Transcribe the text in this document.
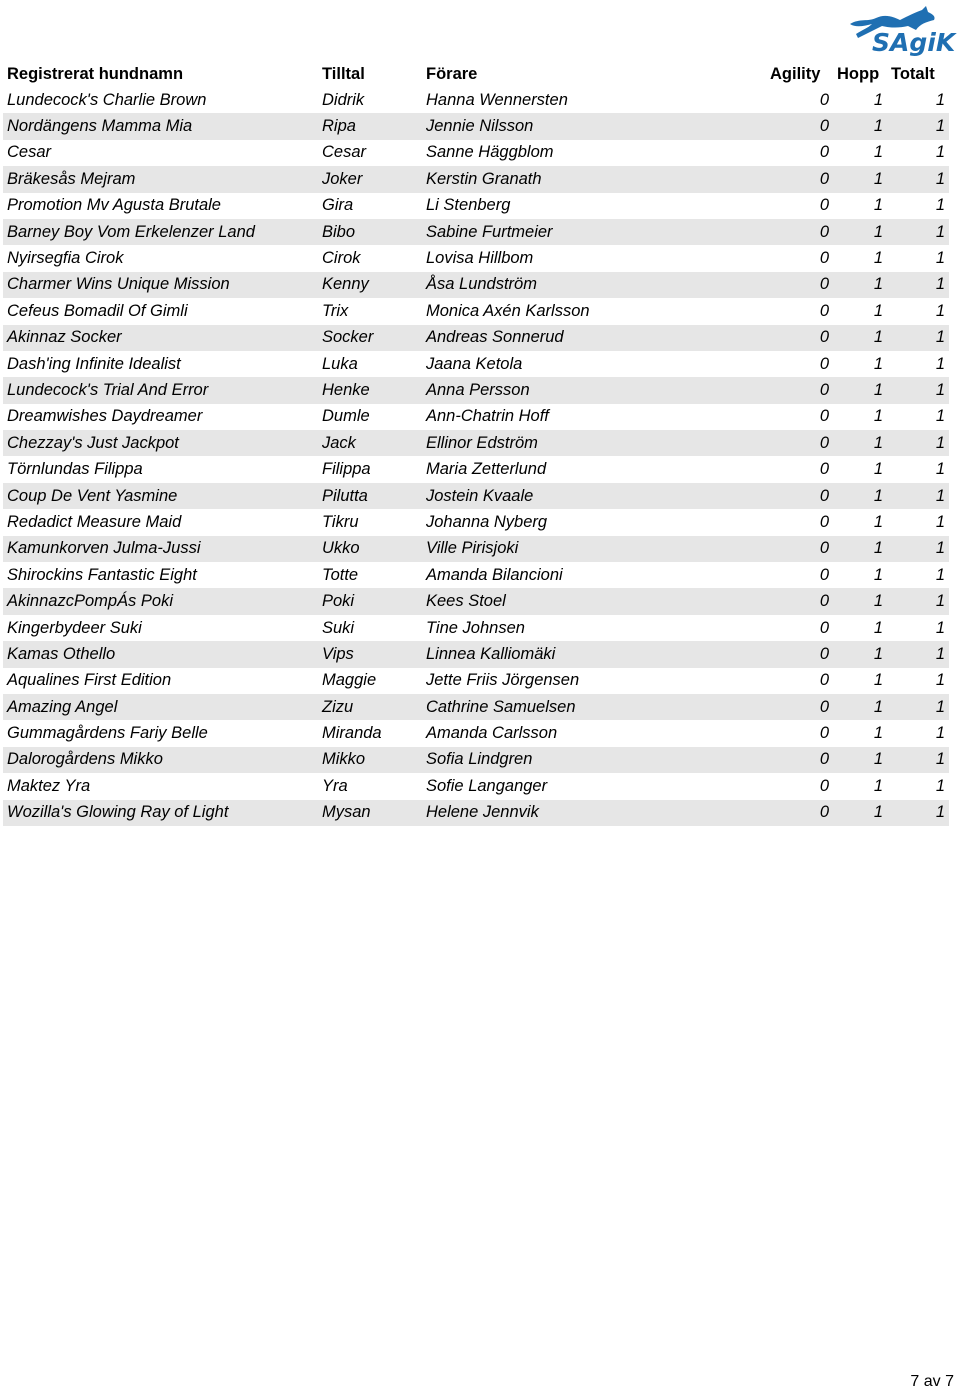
SAgiK
Registrerat hundnamn	Tilltal	Förare	Agility	Hopp	Totalt
Lundecock's Charlie Brown	Didrik	Hanna Wennersten	0	1	1
Nordängens Mamma Mia	Ripa	Jennie Nilsson	0	1	1
Cesar	Cesar	Sanne Häggblom	0	1	1
Bräkesås Mejram	Joker	Kerstin Granath	0	1	1
Promotion Mv Agusta Brutale	Gira	Li Stenberg	0	1	1
Barney Boy Vom Erkelenzer Land	Bibo	Sabine Furtmeier	0	1	1
Nyirsegfia Cirok	Cirok	Lovisa Hillbom	0	1	1
Charmer Wins Unique Mission	Kenny	Åsa Lundström	0	1	1
Cefeus Bomadil Of Gimli	Trix	Monica Axén Karlsson	0	1	1
Akinnaz Socker	Socker	Andreas Sonnerud	0	1	1
Dash'ing Infinite Idealist	Luka	Jaana Ketola	0	1	1
Lundecock's Trial And Error	Henke	Anna Persson	0	1	1
Dreamwishes Daydreamer	Dumle	Ann-Chatrin Hoff	0	1	1
Chezzay's Just Jackpot	Jack	Ellinor Edström	0	1	1
Törnlundas Filippa	Filippa	Maria Zetterlund	0	1	1
Coup De Vent Yasmine	Pilutta	Jostein Kvaale	0	1	1
Redadict Measure Maid	Tikru	Johanna Nyberg	0	1	1
Kamunkorven Julma-Jussi	Ukko	Ville Pirisjoki	0	1	1
Shirockins Fantastic Eight	Totte	Amanda Bilancioni	0	1	1
AkinnazcPompÁs Poki	Poki	Kees Stoel	0	1	1
Kingerbydeer Suki	Suki	Tine Johnsen	0	1	1
Kamas Othello	Vips	Linnea Kalliomäki	0	1	1
Aqualines First Edition	Maggie	Jette Friis Jörgensen	0	1	1
Amazing Angel	Zizu	Cathrine Samuelsen	0	1	1
Gummagårdens Fariy Belle	Miranda	Amanda Carlsson	0	1	1
Dalorogårdens Mikko	Mikko	Sofia Lindgren	0	1	1
Maktez Yra	Yra	Sofie Langanger	0	1	1
Wozilla's Glowing Ray of Light	Mysan	Helene Jennvik	0	1	1
7 av 7
